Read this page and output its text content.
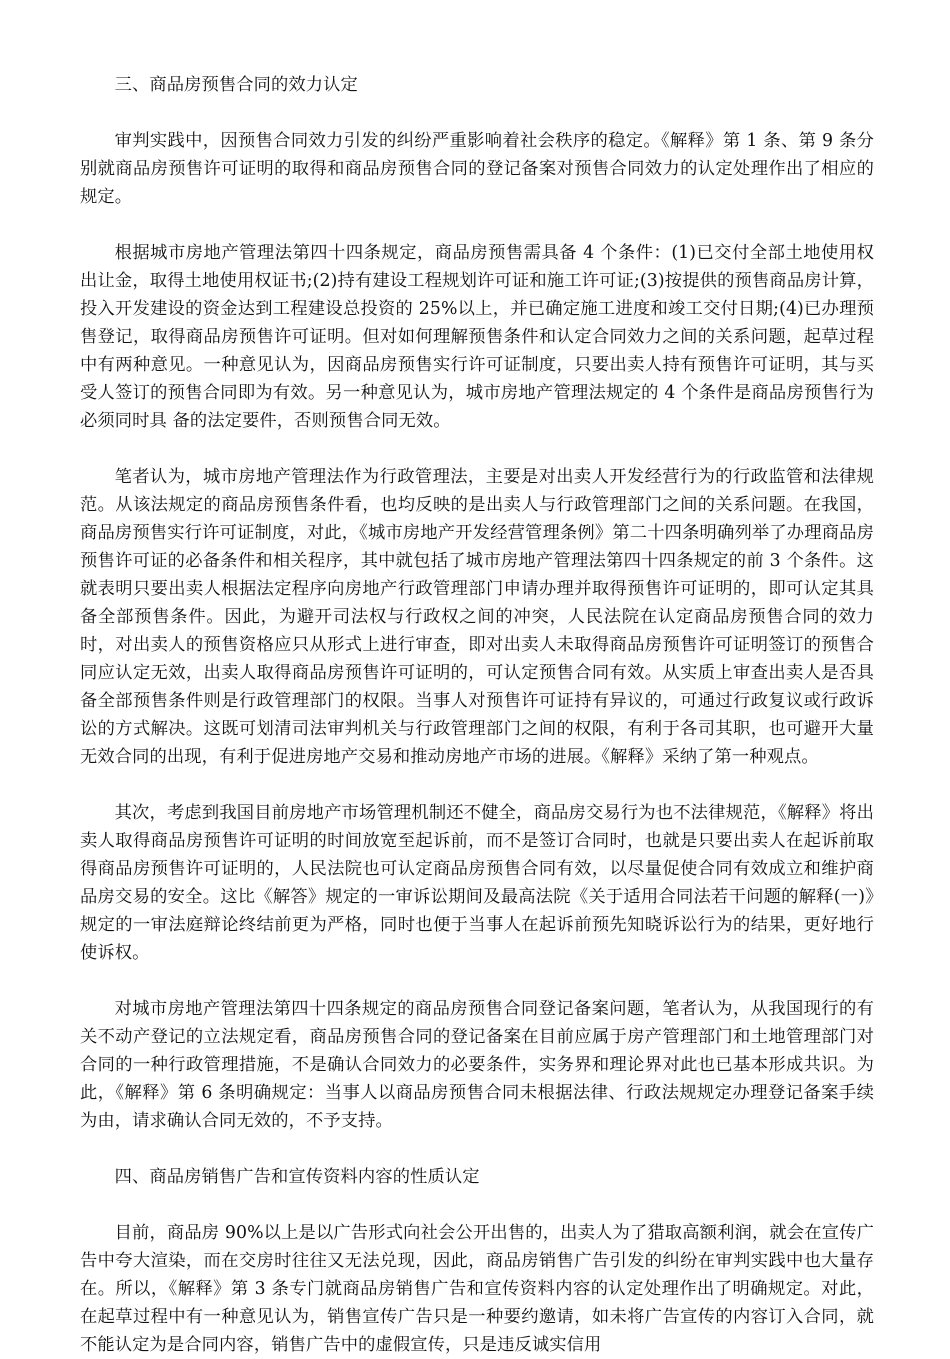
三、商品房预售合同的效力认定

审判实践中，因预售合同效力引发的纠纷严重影响着社会秩序的稳定。《解释》第 1 条、第 9 条分别就商品房预售许可证明的取得和商品房预售合同的登记备案对预售合同效力的认定处理作出了相应的规定。

根据城市房地产管理法第四十四条规定，商品房预售需具备 4 个条件：(1)已交付全部土地使用权出让金，取得土地使用权证书;(2)持有建设工程规划许可证和施工许可证;(3)按提供的预售商品房计算，投入开发建设的资金达到工程建设总投资的 25%以上，并已确定施工进度和竣工交付日期;(4)已办理预售登记，取得商品房预售许可证明。但对如何理解预售条件和认定合同效力之间的关系问题，起草过程中有两种意见。一种意见认为，因商品房预售实行许可证制度，只要出卖人持有预售许可证明，其与买受人签订的预售合同即为有效。另一种意见认为，城市房地产管理法规定的 4 个条件是商品房预售行为必须同时具 备的法定要件，否则预售合同无效。

笔者认为，城市房地产管理法作为行政管理法，主要是对出卖人开发经营行为的行政监管和法律规范。从该法规定的商品房预售条件看，也均反映的是出卖人与行政管理部门之间的关系问题。在我国，商品房预售实行许可证制度，对此，《城市房地产开发经营管理条例》第二十四条明确列举了办理商品房预售许可证的必备条件和相关程序，其中就包括了城市房地产管理法第四十四条规定的前 3 个条件。这就表明只要出卖人根据法定程序向房地产行政管理部门申请办理并取得预售许可证明的，即可认定其具备全部预售条件。因此，为避开司法权与行政权之间的冲突，人民法院在认定商品房预售合同的效力时，对出卖人的预售资格应只从形式上进行审查，即对出卖人未取得商品房预售许可证明签订的预售合同应认定无效，出卖人取得商品房预售许可证明的，可认定预售合同有效。从实质上审查出卖人是否具备全部预售条件则是行政管理部门的权限。当事人对预售许可证持有异议的，可通过行政复议或行政诉讼的方式解决。这既可划清司法审判机关与行政管理部门之间的权限，有利于各司其职，也可避开大量无效合同的出现，有利于促进房地产交易和推动房地产市场的进展。《解释》采纳了第一种观点。

其次，考虑到我国目前房地产市场管理机制还不健全，商品房交易行为也不法律规范，《解释》将出卖人取得商品房预售许可证明的时间放宽至起诉前，而不是签订合同时，也就是只要出卖人在起诉前取得商品房预售许可证明的，人民法院也可认定商品房预售合同有效，以尽量促使合同有效成立和维护商品房交易的安全。这比《解答》规定的一审诉讼期间及最高法院《关于适用合同法若干问题的解释(一)》规定的一审法庭辩论终结前更为严格，同时也便于当事人在起诉前预先知晓诉讼行为的结果，更好地行使诉权。

对城市房地产管理法第四十四条规定的商品房预售合同登记备案问题，笔者认为，从我国现行的有关不动产登记的立法规定看，商品房预售合同的登记备案在目前应属于房产管理部门和土地管理部门对合同的一种行政管理措施，不是确认合同效力的必要条件，实务界和理论界对此也已基本形成共识。为此，《解释》第 6 条明确规定：当事人以商品房预售合同未根据法律、行政法规规定办理登记备案手续为由，请求确认合同无效的，不予支持。

四、商品房销售广告和宣传资料内容的性质认定

目前，商品房 90%以上是以广告形式向社会公开出售的，出卖人为了猎取高额利润，就会在宣传广告中夸大渲染，而在交房时往往又无法兑现，因此，商品房销售广告引发的纠纷在审判实践中也大量存在。所以，《解释》第 3 条专门就商品房销售广告和宣传资料内容的认定处理作出了明确规定。对此，在起草过程中有一种意见认为，销售宣传广告只是一种要约邀请，如未将广告宣传的内容订入合同，就不能认定为是合同内容，销售广告中的虚假宣传，只是违反诚实信用
